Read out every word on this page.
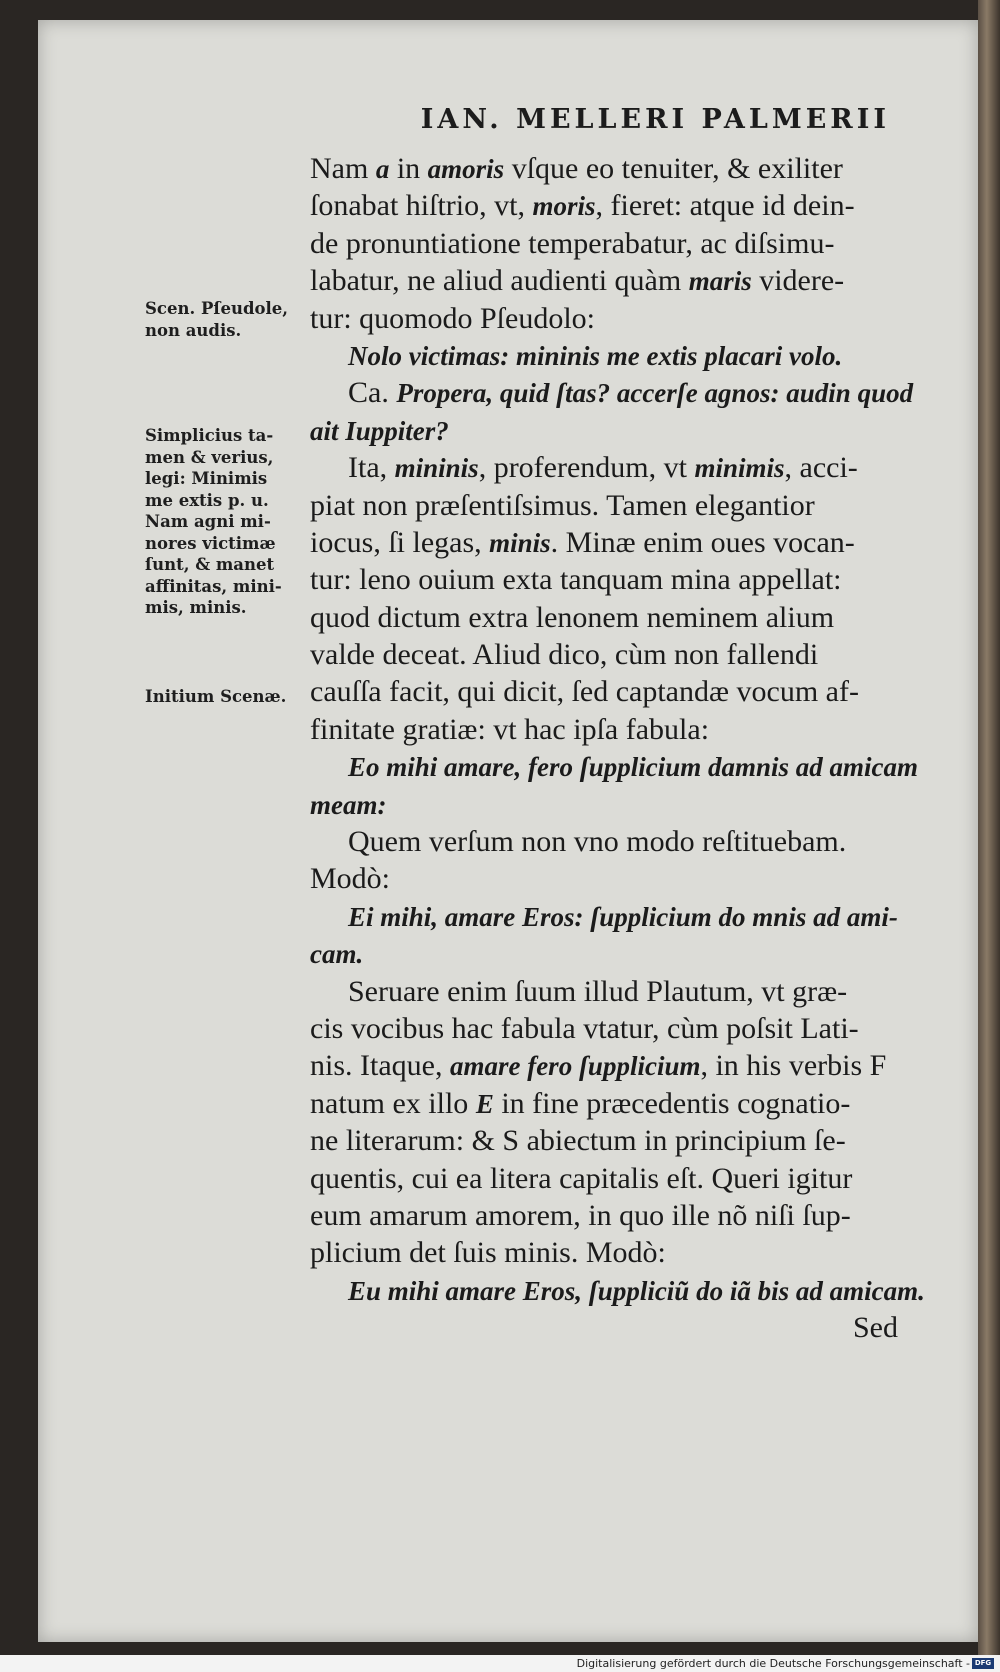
IAN. MELLERI PALMERII
Nam a in amoris vſque eo tenuiter, & exiliter
ſonabat hiſtrio, vt, moris, fieret: atque id dein-
de pronuntiatione temperabatur, ac diſsimu-
labatur, ne aliud audienti quàm maris videre-
tur: quomodo Pſeudolo:
Nolo victimas: mininis me extis placari volo.
Ca. Propera, quid ſtas? accerſe agnos: audin quod
ait Iuppiter?
Ita, mininis, proferendum, vt minimis, acci-
piat non præſentiſsimus. Tamen elegantior
iocus, ſi legas, minis. Minæ enim oues vocan-
tur: leno ouium exta tanquam mina appellat:
quod dictum extra lenonem neminem alium
valde deceat. Aliud dico, cùm non fallendi
cauſſa facit, qui dicit, ſed captandæ vocum af-
finitate gratiæ: vt hac ipſa fabula:
Eo mihi amare, fero ſupplicium damnis ad amicam
meam:
Quem verſum non vno modo reſtituebam.
Modò:
Ei mihi, amare Eros: ſupplicium do mnis ad ami-
cam.
Seruare enim ſuum illud Plautum, vt græ-
cis vocibus hac fabula vtatur, cùm poſsit Lati-
nis. Itaque, amare fero ſupplicium, in his verbis F
natum ex illo E in fine præcedentis cognatio-
ne literarum: & S abiectum in principium ſe-
quentis, cui ea litera capitalis eſt. Queri igitur
eum amarum amorem, in quo ille nõ niſi ſup-
plicium det ſuis minis. Modò:
Eu mihi amare Eros, ſuppliciũ do iã bis ad amicam.
Sed
Scen. Pſeudole,
non audis.
Simplicius ta-
men & verius,
legi: Minimis
me extis p. u.
Nam agni mi-
nores victimæ
ſunt, & manet
affinitas, mini-
mis, minis.
Initium Scenæ.
Digitalisierung gefördert durch die Deutsche Forschungsgemeinschaft - DFG
